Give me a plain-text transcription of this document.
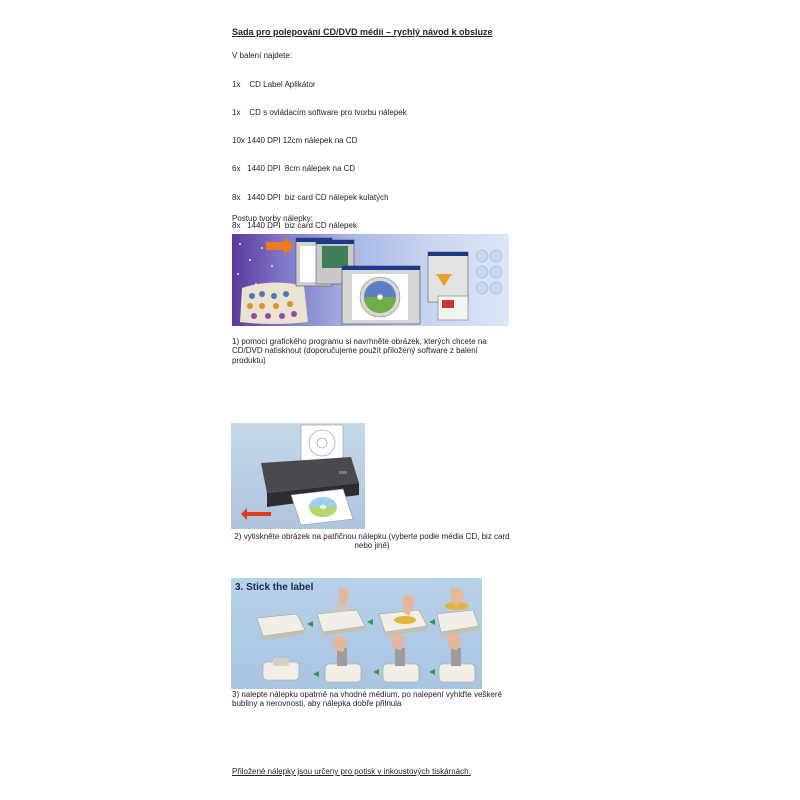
Sada pro polepování CD/DVD médií – rychlý návod k obsluze
V balení najdete:

1x    CD Label Aplikátor

1x    CD s ovládacím software pro tvorbu nálepek

10x 1440 DPI 12cm nálepek na CD

6x   1440 DPI  8cm nálepek na CD

8x   1440 DPI  biz card CD nálepek kulatých

8x   1440 DPI  biz card CD nálepek

Postup tvorby nálepky:
1) pomocí grafického programu si navrhněte obrázek, kterých chcete na CD/DVD natisknout (doporučujeme použít přiložený software z balení produktu)
2) vytiskněte obrázek na patřičnou nálepku (vyberte podle média CD, biz card nebo jiné)
3. Stick the label
3) nalepte nálepku opatrně na vhodné médium, po nalepení vyhlďte veškeré bubliny a nerovnosti, aby nálepka dobře přilnula
Přiložené nálepky jsou určeny pro potisk v inkoustových tiskárnách.
